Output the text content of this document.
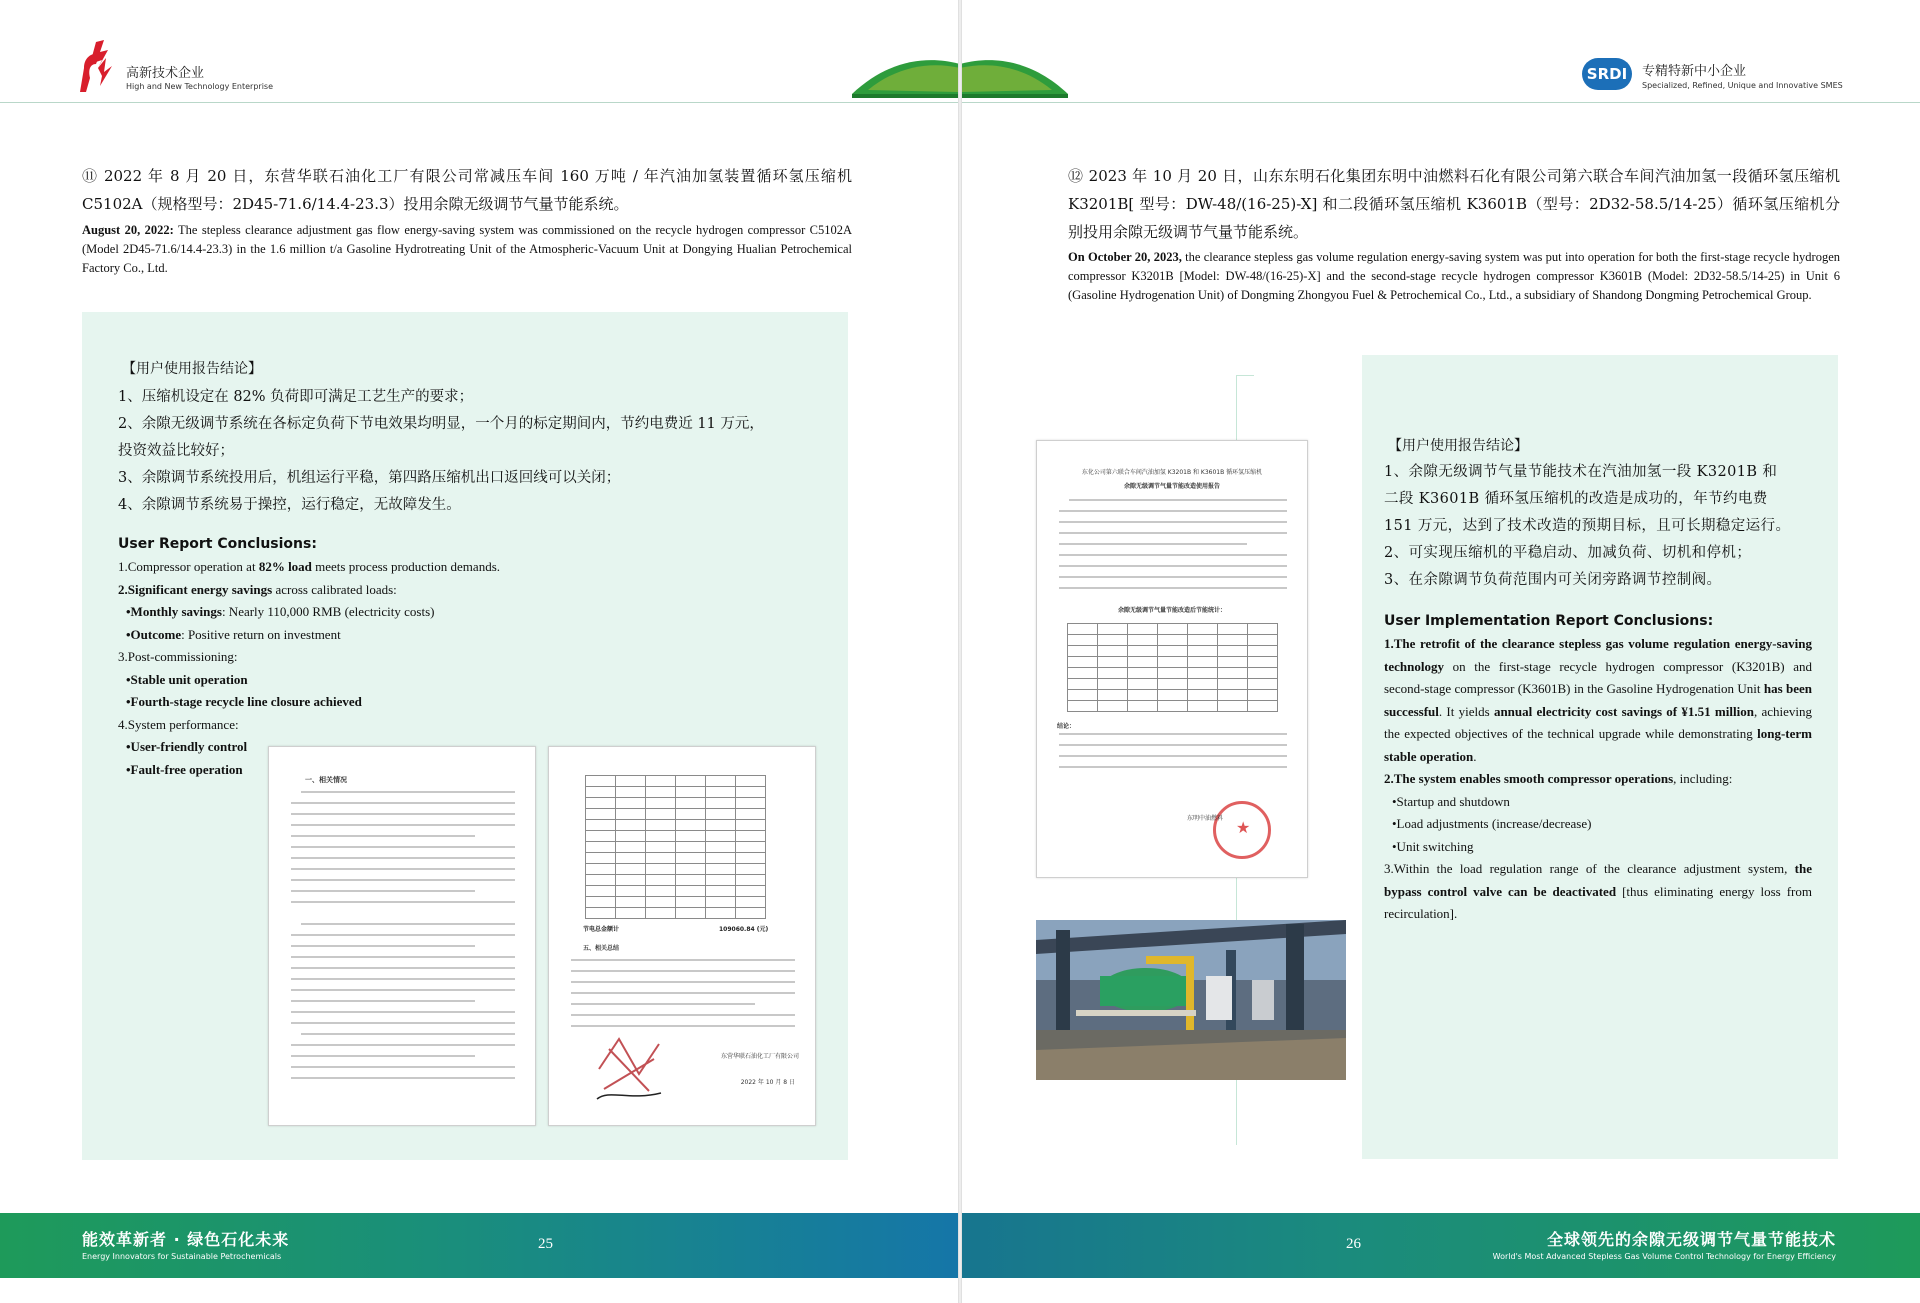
高新技术企业
High and New Technology Enterprise
⑪ 2022 年 8 月 20 日，东营华联石油化工厂有限公司常减压车间 160 万吨 / 年汽油加氢装置循环氢压缩机 C5102A（规格型号：2D45-71.6/14.4-23.3）投用余隙无级调节气量节能系统。
August 20, 2022: The stepless clearance adjustment gas flow energy-saving system was commissioned on the recycle hydrogen compressor C5102A (Model 2D45-71.6/14.4-23.3) in the 1.6 million t/a Gasoline Hydrotreating Unit of the Atmospheric-Vacuum Unit at Dongying Hualian Petrochemical Factory Co., Ltd.
【用户使用报告结论】
1、压缩机设定在 82% 负荷即可满足工艺生产的要求；
2、余隙无级调节系统在各标定负荷下节电效果均明显，一个月的标定期间内，节约电费近 11 万元，
投资效益比较好；
3、余隙调节系统投用后，机组运行平稳，第四路压缩机出口返回线可以关闭；
4、余隙调节系统易于操控，运行稳定，无故障发生。
User Report Conclusions:
1.Compressor operation at 82% load meets process production demands.
2.Significant energy savings across calibrated loads:
•Monthly savings: Nearly 110,000 RMB (electricity costs)
•Outcome: Positive return on investment
3.Post-commissioning:
•Stable unit operation
•Fourth-stage recycle line closure achieved
4.System performance:
•User-friendly control
•Fault-free operation
一、相关情况

节电总金额计	109060.84 (元)
五、相关总结
东营华联石油化工厂有限公司
2022 年 10 月 8 日
能效革新者 · 绿色石化未来
Energy Innovators for Sustainable Petrochemicals
25
SRDI	专精特新中小企业
Specialized, Refined, Unique and Innovative SMES
⑫ 2023 年 10 月 20 日，山东东明石化集团东明中油燃料石化有限公司第六联合车间汽油加氢一段循环氢压缩机 K3201B[ 型号：DW-48/(16-25)-X] 和二段循环氢压缩机 K3601B（型号：2D32-58.5/14-25）循环氢压缩机分别投用余隙无级调节气量节能系统。
On October 20, 2023, the clearance stepless gas volume regulation energy-saving system was put into operation for both the first-stage recycle hydrogen compressor K3201B [Model: DW-48/(16-25)-X] and the second-stage recycle hydrogen compressor K3601B (Model: 2D32-58.5/14-25) in Unit 6 (Gasoline Hydrogenation Unit) of Dongming Zhongyou Fuel & Petrochemical Co., Ltd., a subsidiary of Shandong Dongming Petrochemical Group.
【用户使用报告结论】
1、余隙无级调节气量节能技术在汽油加氢一段 K3201B 和
二段 K3601B 循环氢压缩机的改造是成功的，年节约电费
151 万元，达到了技术改造的预期目标，且可长期稳定运行。
2、可实现压缩机的平稳启动、加减负荷、切机和停机；
3、在余隙调节负荷范围内可关闭旁路调节控制阀。
User Implementation Report Conclusions:
1.The retrofit of the clearance stepless gas volume regulation energy-saving technology on the first-stage recycle hydrogen compressor (K3201B) and second-stage compressor (K3601B) in the Gasoline Hydrogenation Unit has been successful. It yields annual electricity cost savings of ¥1.51 million, achieving the expected objectives of the technical upgrade while demonstrating long-term stable operation.
2.The system enables smooth compressor operations, including:
•Startup and shutdown
•Load adjustments (increase/decrease)
•Unit switching
3.Within the load regulation range of the clearance adjustment system, the bypass control valve can be deactivated [thus eliminating energy loss from recirculation].
东化公司第六联合车间汽油加氢 K3201B 和 K3601B 循环氢压缩机
余隙无级调节气量节能改造使用报告
余隙无级调节气量节能改造后节能统计：

结论：
★
东明中油燃料
26	全球领先的余隙无级调节气量节能技术
World's Most Advanced Stepless Gas Volume Control Technology for Energy Efficiency
